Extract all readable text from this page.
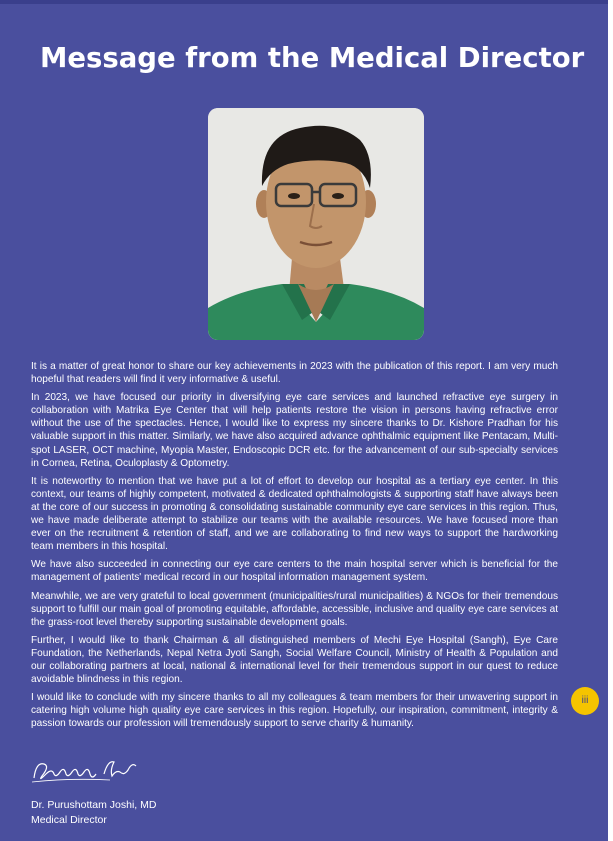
Message from the Medical Director

It is a matter of great honor to share our key achievements in 2023 with the publication of this report. I am very much hopeful that readers will find it very informative & useful.

In 2023, we have focused our priority in diversifying eye care services and launched refractive eye surgery in collaboration with Matrika Eye Center that will help patients restore the vision in persons having refractive error without the use of the spectacles. Hence, I would like to express my sincere thanks to Dr. Kishore Pradhan for his valuable support in this matter. Similarly, we have also acquired advance ophthalmic equipment like Pentacam, Multi-spot LASER, OCT machine, Myopia Master, Endoscopic DCR etc. for the advancement of our sub-specialty services in Cornea, Retina, Oculoplasty & Optometry.

It is noteworthy to mention that we have put a lot of effort to develop our hospital as a tertiary eye center. In this context, our teams of highly competent, motivated & dedicated ophthalmologists & supporting staff have always been at the core of our success in promoting & consolidating sustainable community eye care services in this region. Thus, we have made deliberate attempt to stabilize our teams with the available resources. We have focused more than ever on the recruitment & retention of staff, and we are collaborating to find new ways to support the hardworking team members in this hospital.

We have also succeeded in connecting our eye care centers to the main hospital server which is beneficial for the management of patients' medical record in our hospital information management system.

Meanwhile, we are very grateful to local government (municipalities/rural municipalities) & NGOs for their tremendous support to fulfill our main goal of promoting equitable, affordable, accessible, inclusive and quality eye care services at the grass-root level thereby supporting sustainable development goals.

Further, I would like to thank Chairman & all distinguished members of Mechi Eye Hospital (Sangh), Eye Care Foundation, the Netherlands, Nepal Netra Jyoti Sangh, Social Welfare Council, Ministry of Health & Population and our collaborating partners at local, national & international level for their tremendous support in our quest to reduce avoidable blindness in this region.

I would like to conclude with my sincere thanks to all my colleagues & team members for their unwavering support in catering high volume high quality eye care services in this region. Hopefully, our inspiration, commitment, integrity & passion towards our profession will tremendously support to serve charity & humanity.

Dr. Purushottam Joshi, MD
Medical Director
iii
